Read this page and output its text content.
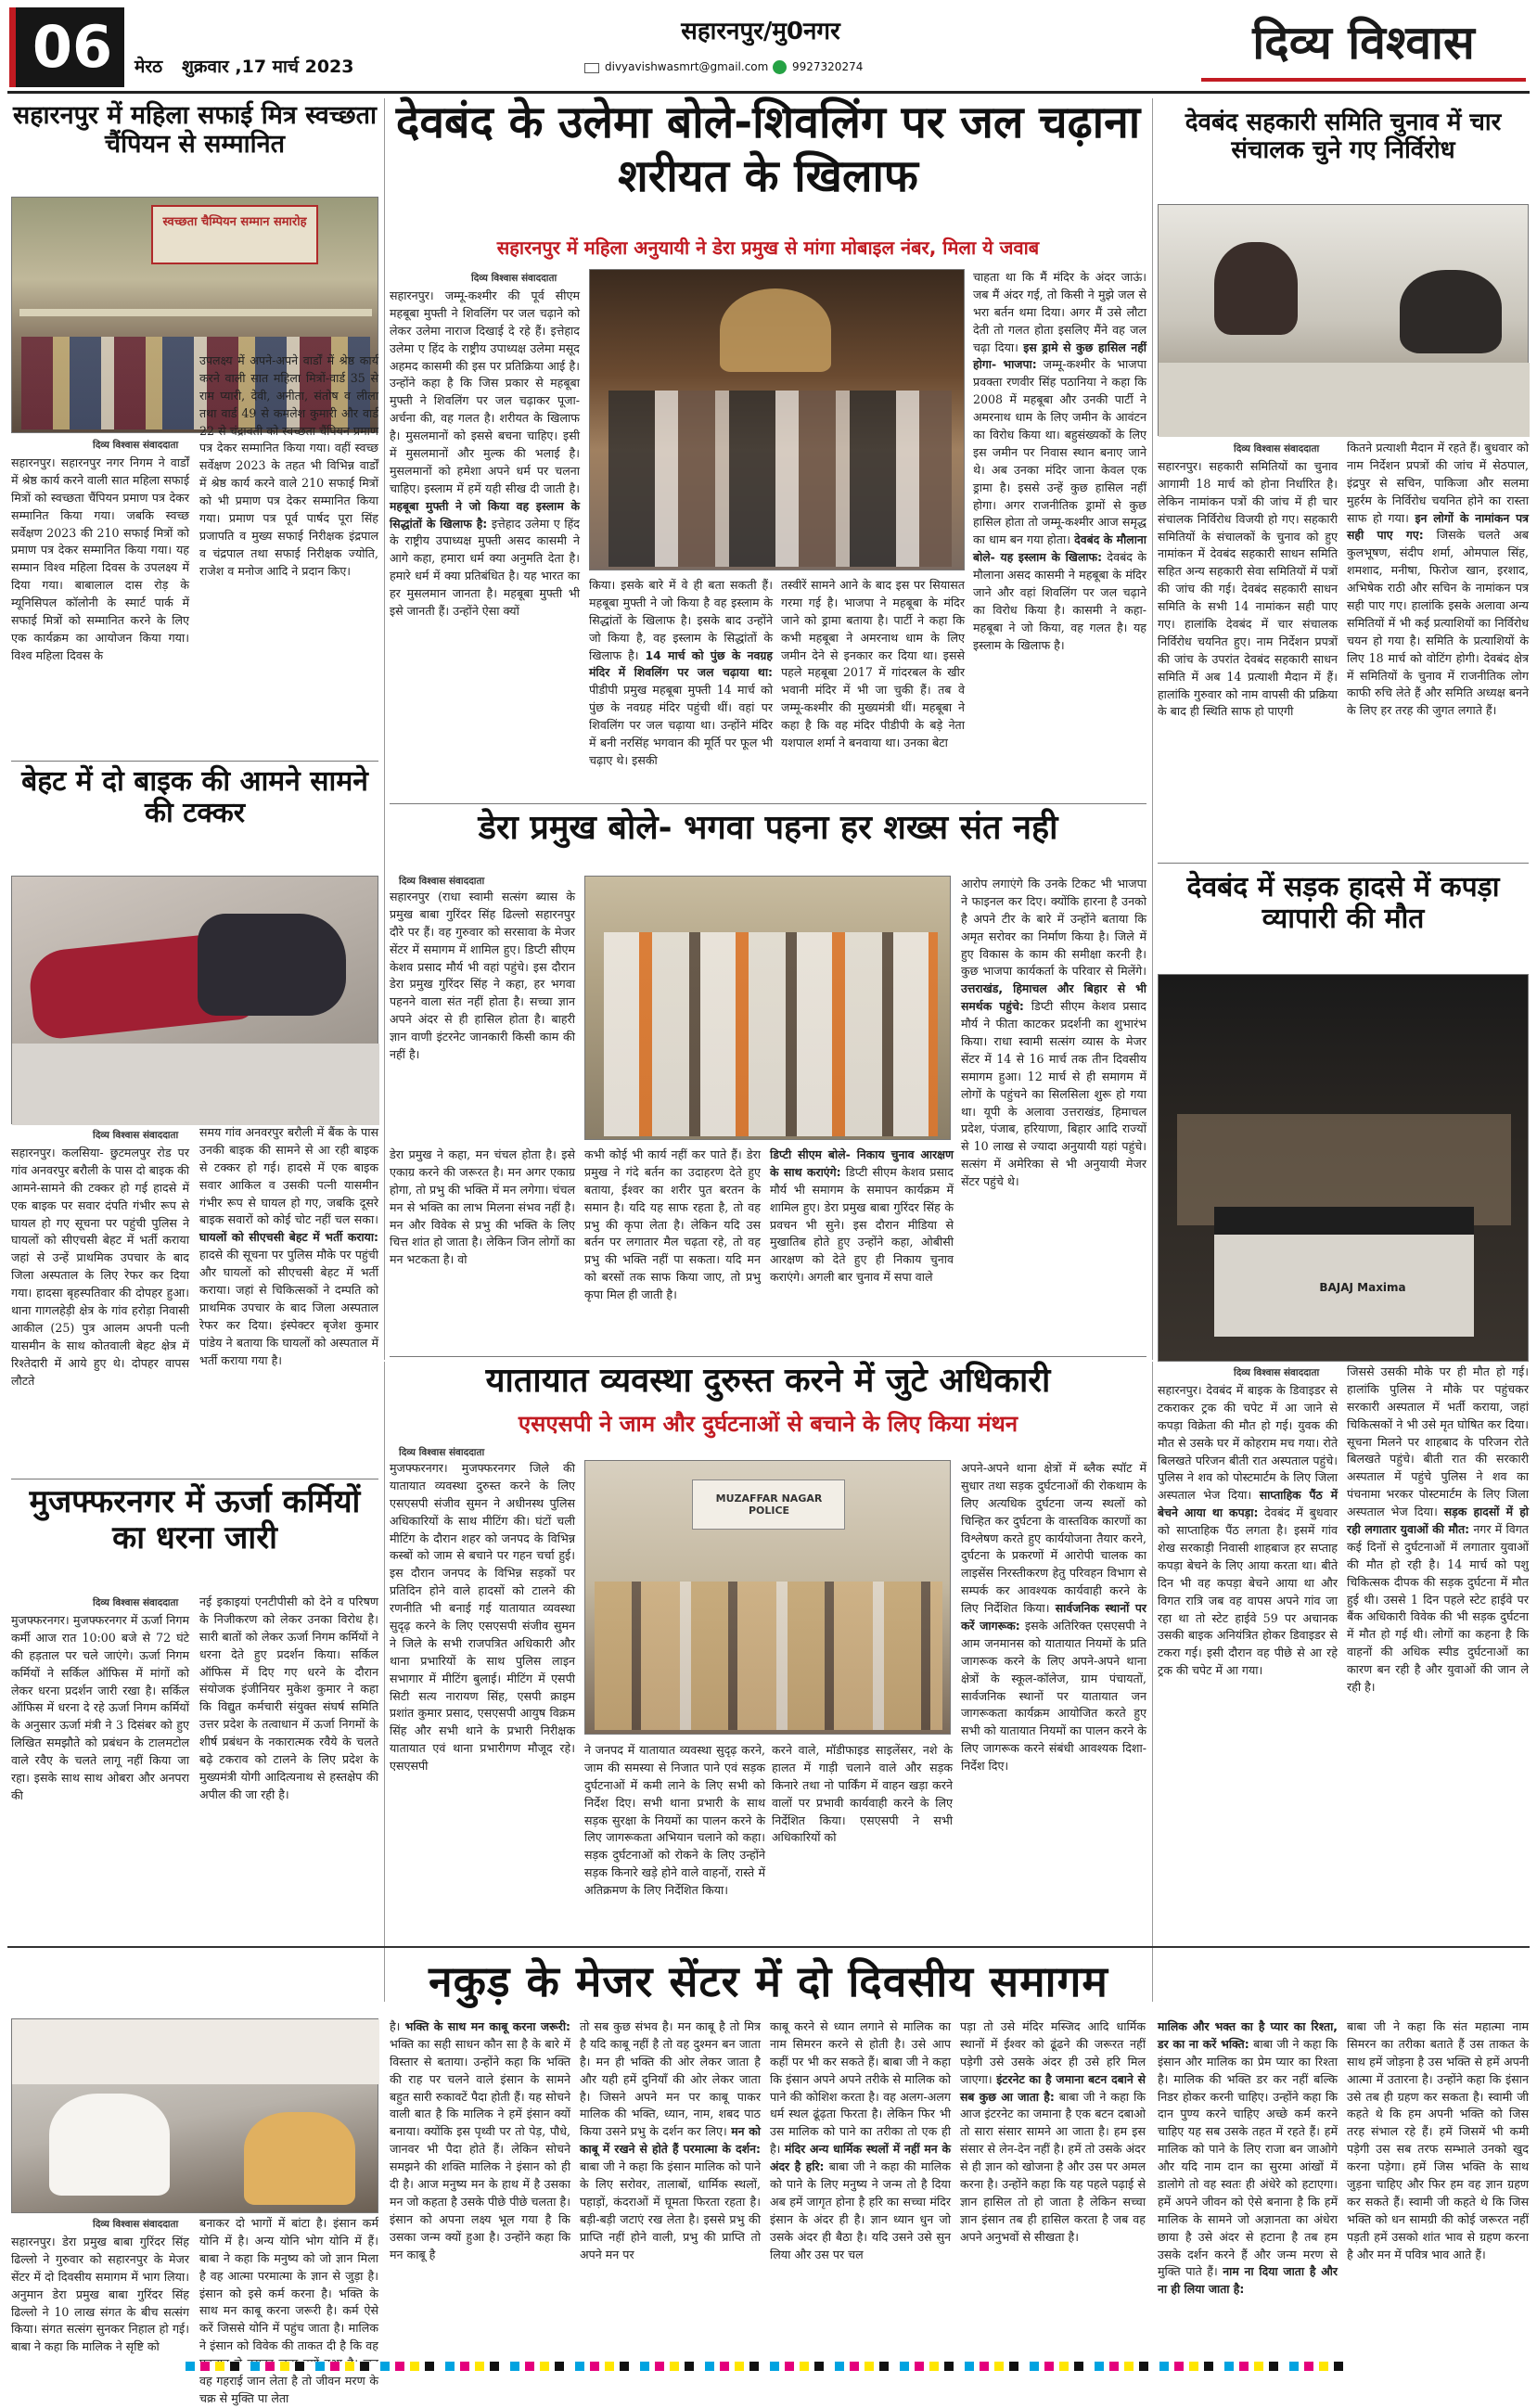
06	मेरठ शुक्रवार ,17 मार्च 2023
सहारनपुर/मु0नगर
divyavishwasmrt@gmail.com 9927320274	दिव्य विश्वास
सहारनपुर में महिला सफाई मित्र स्वच्छता चैंपियन से सम्मानित
स्वच्छता चैम्पियन सम्मान समारोह
दिव्य विश्वास संवाददाता
सहारनपुर। सहारनपुर नगर निगम ने वार्डों में श्रेष्ठ कार्य करने वाली सात महिला सफाई मित्रों को स्वच्छता चैंपियन प्रमाण पत्र देकर सम्मानित किया गया। जबकि स्वच्छ सर्वेक्षण 2023 की 210 सफाई मित्रों को प्रमाण पत्र देकर सम्मानित किया गया। यह सम्मान विश्व महिला दिवस के उपलक्ष्य में दिया गया। बाबालाल दास रोड़ के म्यूनिसिपल कॉलोनी के स्मार्ट पार्क में सफाई मित्रों को सम्मानित करने के लिए एक कार्यक्रम का आयोजन किया गया। विश्व महिला दिवस के
उपलक्ष्य में अपने-अपने वार्डों में श्रेष्ठ कार्य करने वाली सात महिला मित्रों-वार्ड 35 से राम प्यारी, देवी, अनीता, संतोष व लीला तथा वार्ड 49 से कमलेश कुमारी और वार्ड 22 से चंद्रावती को स्वच्छता चैंपियन प्रमाण पत्र देकर सम्मानित किया गया। वहीं स्वच्छ सर्वेक्षण 2023 के तहत भी विभिन्न वार्डों में श्रेष्ठ कार्य करने वाले 210 सफाई मित्रों को भी प्रमाण पत्र देकर सम्मानित किया गया। प्रमाण पत्र पूर्व पार्षद पूरा सिंह प्रजापति व मुख्य सफाई निरीक्षक इंद्रपाल व चंद्रपाल तथा सफाई निरीक्षक ज्योति, राजेश व मनोज आदि ने प्रदान किए।
बेहट में दो बाइक की आमने सामने की टक्कर
दिव्य विश्वास संवाददाता
सहारनपुर। कलसिया- छुटमलपुर रोड पर गांव अनवरपुर बरौली के पास दो बाइक की आमने-सामने की टक्कर हो गई हादसे में एक बाइक पर सवार दंपति गंभीर रूप से घायल हो गए सूचना पर पहुंची पुलिस ने घायलों को सीएचसी बेहट में भर्ती कराया जहां से उन्हें प्राथमिक उपचार के बाद जिला अस्पताल के लिए रेफर कर दिया गया। हादसा बृहस्पतिवार की दोपहर हुआ। थाना गागलहेड़ी क्षेत्र के गांव हरोड़ा निवासी आकील (25) पुत्र आलम अपनी पत्नी यासमीन के साथ कोतवाली बेहट क्षेत्र में रिश्तेदारी में आये हुए थे। दोपहर वापस लौटते
समय गांव अनवरपुर बरौली में बैंक के पास उनकी बाइक की सामने से आ रही बाइक से टक्कर हो गई। हादसे में एक बाइक सवार आकिल व उसकी पत्नी यासमीन गंभीर रूप से घायल हो गए, जबकि दूसरे बाइक सवारों को कोई चोट नहीं चल सका। घायलों को सीएचसी बेहट में भर्ती कराया: हादसे की सूचना पर पुलिस मौके पर पहुंची और घायलों को सीएचसी बेहट में भर्ती कराया। जहां से चिकित्सकों ने दम्पति को प्राथमिक उपचार के बाद जिला अस्पताल रेफर कर दिया। इंस्पेक्टर बृजेश कुमार पांडेय ने बताया कि घायलों को अस्पताल में भर्ती कराया गया है।
मुजफ्फरनगर में ऊर्जा कर्मियों का धरना जारी
दिव्य विश्वास संवाददाता
मुजफ्फरनगर। मुजफ्फरनगर में ऊर्जा निगम कर्मी आज रात 10:00 बजे से 72 घंटे की हड़ताल पर चले जाएंगे। ऊर्जा निगम कर्मियों ने सर्किल ऑफिस में मांगों को लेकर धरना प्रदर्शन जारी रखा है। सर्किल ऑफिस में धरना दे रहे ऊर्जा निगम कर्मियों के अनुसार ऊर्जा मंत्री ने 3 दिसंबर को हुए लिखित समझौते को प्रबंधन के टालमटोल वाले रवैए के चलते लागू नहीं किया जा रहा। इसके साथ साथ ओबरा और अनपरा की
नई इकाइयां एनटीपीसी को देने व परिषण के निजीकरण को लेकर उनका विरोध है। सारी बातों को लेकर ऊर्जा निगम कर्मियों ने धरना देते हुए प्रदर्शन किया। सर्किल ऑफिस में दिए गए धरने के दौरान संयोजक इंजीनियर मुकेश कुमार ने कहा कि विद्युत कर्मचारी संयुक्त संघर्ष समिति उत्तर प्रदेश के तत्वाधान में ऊर्जा निगमों के शीर्ष प्रबंधन के नकारात्मक रवैये के चलते बढ़े टकराव को टालने के लिए प्रदेश के मुख्यमंत्री योगी आदित्यनाथ से हस्तक्षेप की अपील की जा रही है।
देवबंद के उलेमा बोले-शिवलिंग पर जल चढ़ाना शरीयत के खिलाफ
सहारनपुर में महिला अनुयायी ने डेरा प्रमुख से मांगा मोबाइल नंबर, मिला ये जवाब
दिव्य विश्वास संवाददाता
सहारनपुर। जम्मू-कश्मीर की पूर्व सीएम महबूबा मुफ्ती ने शिवलिंग पर जल चढ़ाने को लेकर उलेमा नाराज दिखाई दे रहे हैं। इत्तेहाद उलेमा ए हिंद के राष्ट्रीय उपाध्यक्ष उलेमा मसूद अहमद कासमी की इस पर प्रतिक्रिया आई है। उन्होंने कहा है कि जिस प्रकार से महबूबा मुफ्ती ने शिवलिंग पर जल चढ़ाकर पूजा-अर्चना की, वह गलत है। शरीयत के खिलाफ है। मुसलमानों को इससे बचना चाहिए। इसी में मुसलमानों और मुल्क की भलाई है। मुसलमानों को हमेशा अपने धर्म पर चलना चाहिए। इस्लाम में हमें यही सीख दी जाती है। महबूबा मुफ्ती ने जो किया वह इस्लाम के सिद्धांतों के खिलाफ है: इत्तेहाद उलेमा ए हिंद के राष्ट्रीय उपाध्यक्ष मुफ्ती असद कासमी ने आगे कहा, हमारा धर्म क्या अनुमति देता है। हमारे धर्म में क्या प्रतिबंधित है। यह भारत का हर मुसलमान जानता है। महबूबा मुफ्ती भी इसे जानती हैं। उन्होंने ऐसा क्यों
किया। इसके बारे में वे ही बता सकती हैं। महबूबा मुफ्ती ने जो किया है वह इस्लाम के सिद्धांतों के खिलाफ है। इसके बाद उन्होंने जो किया है, वह इस्लाम के सिद्धांतों के खिलाफ है। 14 मार्च को पुंछ के नवग्रह मंदिर में शिवलिंग पर जल चढ़ाया था: पीडीपी प्रमुख महबूबा मुफ्ती 14 मार्च को पुंछ के नवग्रह मंदिर पहुंची थीं। वहां पर शिवलिंग पर जल चढ़ाया था। उन्होंने मंदिर में बनी नरसिंह भगवान की मूर्ति पर फूल भी चढ़ाए थे। इसकी
तस्वीरें सामने आने के बाद इस पर सियासत गरमा गई है। भाजपा ने महबूबा के मंदिर जाने को ड्रामा बताया है। पार्टी ने कहा कि कभी महबूबा ने अमरनाथ धाम के लिए जमीन देने से इनकार कर दिया था। इससे पहले महबूबा 2017 में गांदरबल के खीर भवानी मंदिर में भी जा चुकी हैं। तब वे जम्मू-कश्मीर की मुख्यमंत्री थीं। महबूबा ने कहा है कि वह मंदिर पीडीपी के बड़े नेता यशपाल शर्मा ने बनवाया था। उनका बेटा
चाहता था कि मैं मंदिर के अंदर जाऊं। जब मैं अंदर गई, तो किसी ने मुझे जल से भरा बर्तन थमा दिया। अगर मैं उसे लौटा देती तो गलत होता इसलिए मैंने वह जल चढ़ा दिया। इस ड्रामे से कुछ हासिल नहीं होगा- भाजपा: जम्मू-कश्मीर के भाजपा प्रवक्ता रणवीर सिंह पठानिया ने कहा कि 2008 में महबूबा और उनकी पार्टी ने अमरनाथ धाम के लिए जमीन के आवंटन का विरोध किया था। बहुसंख्यकों के लिए इस जमीन पर निवास स्थान बनाए जाने थे। अब उनका मंदिर जाना केवल एक ड्रामा है। इससे उन्हें कुछ हासिल नहीं होगा। अगर राजनीतिक ड्रामों से कुछ हासिल होता तो जम्मू-कश्मीर आज समृद्ध का धाम बन गया होता। देवबंद के मौलाना बोले- यह इस्लाम के खिलाफ: देवबंद के मौलाना असद कासमी ने महबूबा के मंदिर जाने और वहां शिवलिंग पर जल चढ़ाने का विरोध किया है। कासमी ने कहा- महबूबा ने जो किया, वह गलत है। यह इस्लाम के खिलाफ है।
डेरा प्रमुख बोले- भगवा पहना हर शख्स संत नही
दिव्य विश्वास संवाददाता
सहारनपुर (राधा स्वामी सत्संग ब्यास के प्रमुख बाबा गुरिंदर सिंह ढिल्लो सहारनपुर दौरे पर हैं। वह गुरुवार को सरसावा के मेजर सेंटर में समागम में शामिल हुए। डिप्टी सीएम केशव प्रसाद मौर्य भी वहां पहुंचे। इस दौरान डेरा प्रमुख गुरिंदर सिंह ने कहा, हर भगवा पहनने वाला संत नहीं होता है। सच्चा ज्ञान अपने अंदर से ही हासिल होता है। बाहरी ज्ञान वाणी इंटरनेट जानकारी किसी काम की नहीं है।
डेरा प्रमुख ने कहा, मन चंचल होता है। इसे एकाग्र करने की जरूरत है। मन अगर एकाग्र होगा, तो प्रभु की भक्ति में मन लगेगा। चंचल मन से भक्ति का लाभ मिलना संभव नहीं है। मन और विवेक से प्रभु की भक्ति के लिए चित्त शांत हो जाता है। लेकिन जिन लोगों का मन भटकता है। वो
कभी कोई भी कार्य नहीं कर पाते हैं। डेरा प्रमुख ने गंदे बर्तन का उदाहरण देते हुए बताया, ईश्वर का शरीर पुत बरतन के समान है। यदि यह साफ रहता है, तो वह प्रभु की कृपा लेता है। लेकिन यदि उस बर्तन पर लगातार मैल चढ़ता रहे, तो वह प्रभु की भक्ति नहीं पा सकता। यदि मन को बरसों तक साफ किया जाए, तो प्रभु कृपा मिल ही जाती है।
डिप्टी सीएम बोले- निकाय चुनाव आरक्षण के साथ कराएंगे: डिप्टी सीएम केशव प्रसाद मौर्य भी समागम के समापन कार्यक्रम में शामिल हुए। डेरा प्रमुख बाबा गुरिंदर सिंह के प्रवचन भी सुने। इस दौरान मीडिया से मुखातिब होते हुए उन्होंने कहा, ओबीसी आरक्षण को देते हुए ही निकाय चुनाव कराएंगे। अगली बार चुनाव में सपा वाले
आरोप लगाएंगे कि उनके टिकट भी भाजपा ने फाइनल कर दिए। क्योंकि हारना है उनको है अपने टीर के बारे में उन्होंने बताया कि अमृत सरोवर का निर्माण किया है। जिले में हुए विकास के काम की समीक्षा करनी है। कुछ भाजपा कार्यकर्ता के परिवार से मिलेंगे। उत्तराखंड, हिमाचल और बिहार से भी समर्थक पहुंचे: डिप्टी सीएम केशव प्रसाद मौर्य ने फीता काटकर प्रदर्शनी का शुभारंभ किया। राधा स्वामी सत्संग व्यास के मेजर सेंटर में 14 से 16 मार्च तक तीन दिवसीय समागम हुआ। 12 मार्च से ही समागम में लोगों के पहुंचने का सिलसिला शुरू हो गया था। यूपी के अलावा उत्तराखंड, हिमाचल प्रदेश, पंजाब, हरियाणा, बिहार आदि राज्यों से 10 लाख से ज्यादा अनुयायी यहां पहुंचे। सत्संग में अमेरिका से भी अनुयायी मेजर सेंटर पहुंचे थे।
यातायात व्यवस्था दुरुस्त करने में जुटे अधिकारी
एसएसपी ने जाम और दुर्घटनाओं से बचाने के लिए किया मंथन
दिव्य विश्वास संवाददाता
मुजफ्फरनगर। मुजफ्फरनगर जिले की यातायात व्यवस्था दुरुस्त करने के लिए एसएसपी संजीव सुमन ने अधीनस्थ पुलिस अधिकारियों के साथ मीटिंग की। घंटों चली मीटिंग के दौरान शहर को जनपद के विभिन्न कस्बों को जाम से बचाने पर गहन चर्चा हुई। इस दौरान जनपद के विभिन्न सड़कों पर प्रतिदिन होने वाले हादसों को टालने की रणनीति भी बनाई गई यातायात व्यवस्था सुदृढ़ करने के लिए एसएसपी संजीव सुमन ने जिले के सभी राजपत्रित अधिकारी और थाना प्रभारियों के साथ पुलिस लाइन सभागार में मीटिंग बुलाई। मीटिंग में एसपी सिटी सत्य नारायण सिंह, एसपी क्राइम प्रशांत कुमार प्रसाद, एसएसपी आयुष विक्रम सिंह और सभी थाने के प्रभारी निरीक्षक यातायात एवं थाना प्रभारीगण मौजूद रहे। एसएसपी
MUZAFFAR NAGAR POLICE
ने जनपद में यातायात व्यवस्था सुदृढ़ करने, जाम की समस्या से निजात पाने एवं सड़क दुर्घटनाओं में कमी लाने के लिए सभी को निर्देश दिए। सभी थाना प्रभारी के साथ सड़क सुरक्षा के नियमों का पालन करने के लिए जागरूकता अभियान चलाने को कहा। सड़क दुर्घटनाओं को रोकने के लिए उन्होंने सड़क किनारे खड़े होने वाले वाहनों, रास्ते में अतिक्रमण के लिए निर्देशित किया।
करने वाले, मॉडीफाइड साइलेंसर, नशे के हालत में गाड़ी चलाने वाले और सड़क किनारे तथा नो पार्किंग में वाहन खड़ा करने वालों पर प्रभावी कार्यवाही करने के लिए निर्देशित किया। एसएसपी ने सभी अधिकारियों को
अपने-अपने थाना क्षेत्रों में ब्लैक स्पॉट में सुधार तथा सड़क दुर्घटनाओं की रोकथाम के लिए अत्यधिक दुर्घटना जन्य स्थलों को चिन्हित कर दुर्घटना के वास्तविक कारणों का विश्लेषण करते हुए कार्ययोजना तैयार करने, दुर्घटना के प्रकरणों में आरोपी चालक का लाइसेंस निरस्तीकरण हेतु परिवहन विभाग से सम्पर्क कर आवश्यक कार्यवाही करने के लिए निर्देशित किया। सार्वजनिक स्थानों पर करें जागरूक: इसके अतिरिक्त एसएसपी ने आम जनमानस को यातायात नियमों के प्रति जागरूक करने के लिए अपने-अपने थाना क्षेत्रों के स्कूल-कॉलेज, ग्राम पंचायतों, सार्वजनिक स्थानों पर यातायात जन जागरूकता कार्यक्रम आयोजित करते हुए सभी को यातायात नियमों का पालन करने के लिए जागरूक करने संबंधी आवश्यक दिशा-निर्देश दिए।
देवबंद सहकारी समिति चुनाव में चार संचालक चुने गए निर्विरोध
दिव्य विश्वास संवाददाता
सहारनपुर। सहकारी समितियों का चुनाव आगामी 18 मार्च को होना निर्धारित है। लेकिन नामांकन पत्रों की जांच में ही चार संचालक निर्विरोध विजयी हो गए। सहकारी समितियों के संचालकों के चुनाव को हुए नामांकन में देवबंद सहकारी साधन समिति सहित अन्य सहकारी सेवा समितियों में पत्रों की जांच की गई। देवबंद सहकारी साधन समिति के सभी 14 नामांकन सही पाए गए। हालांकि देवबंद में चार संचालक निर्विरोध चयनित हुए। नाम निर्देशन प्रपत्रों की जांच के उपरांत देवबंद सहकारी साधन समिति में अब 14 प्रत्याशी मैदान में हैं। हालांकि गुरुवार को नाम वापसी की प्रक्रिया के बाद ही स्थिति साफ हो पाएगी
कितने प्रत्याशी मैदान में रहते हैं। बुधवार को नाम निर्देशन प्रपत्रों की जांच में सेठपाल, इंद्रपुर से सचिन, पाकिजा और सलमा मुहर्रम के निर्विरोध चयनित होने का रास्ता साफ हो गया। इन लोगों के नामांकन पत्र सही पाए गए: जिसके चलते अब कुलभूषण, संदीप शर्मा, ओमपाल सिंह, शमशाद, मनीषा, फिरोज खान, इरशाद, अभिषेक राठी और सचिन के नामांकन पत्र सही पाए गए। हालांकि इसके अलावा अन्य समितियों में भी कई प्रत्याशियों का निर्विरोध चयन हो गया है। समिति के प्रत्याशियों के लिए 18 मार्च को वोटिंग होगी। देवबंद क्षेत्र में समितियों के चुनाव में राजनीतिक लोग काफी रुचि लेते हैं और समिति अध्यक्ष बनने के लिए हर तरह की जुगत लगाते हैं।
देवबंद में सड़क हादसे में कपड़ा व्यापारी की मौत
BAJAJ Maxima
दिव्य विश्वास संवाददाता
सहारनपुर। देवबंद में बाइक के डिवाइडर से टकराकर ट्रक की चपेट में आ जाने से कपड़ा विक्रेता की मौत हो गई। युवक की मौत से उसके घर में कोहराम मच गया। रोते बिलखते परिजन बीती रात अस्पताल पहुंचे। पुलिस ने शव को पोस्टमार्टम के लिए जिला अस्पताल भेज दिया। साप्ताहिक पैंठ में बेचने आया था कपड़ा: देवबंद में बुधवार को साप्ताहिक पैंठ लगता है। इसमें गांव शेख सरकाड़ी निवासी शाहबाज हर सप्ताह कपड़ा बेचने के लिए आया करता था। बीते दिन भी वह कपड़ा बेचने आया था और विगत रात्रि जब वह वापस अपने गांव जा रहा था तो स्टेट हाईवे 59 पर अचानक उसकी बाइक अनियंत्रित होकर डिवाइडर से टकरा गई। इसी दौरान वह पीछे से आ रहे ट्रक की चपेट में आ गया।
जिससे उसकी मौके पर ही मौत हो गई। हालांकि पुलिस ने मौके पर पहुंचकर सरकारी अस्पताल में भर्ती कराया, जहां चिकित्सकों ने भी उसे मृत घोषित कर दिया। सूचना मिलने पर शाहबाद के परिजन रोते बिलखते पहुंचे। बीती रात की सरकारी अस्पताल में पहुंचे पुलिस ने शव का पंचनामा भरकर पोस्टमार्टम के लिए जिला अस्पताल भेज दिया। सड़क हादसों में हो रही लगातार युवाओं की मौत: नगर में विगत कई दिनों से दुर्घटनाओं में लगातार युवाओं की मौत हो रही है। 14 मार्च को पशु चिकित्सक दीपक की सड़क दुर्घटना में मौत हुई थी। उससे 1 दिन पहले स्टेट हाईवे पर बैंक अधिकारी विवेक की भी सड़क दुर्घटना में मौत हो गई थी। लोगों का कहना है कि वाहनों की अधिक स्पीड दुर्घटनाओं का कारण बन रही है और युवाओं की जान ले रही है।
नकुड़ के मेजर सेंटर में दो दिवसीय समागम
दिव्य विश्वास संवाददाता
सहारनपुर। डेरा प्रमुख बाबा गुरिंदर सिंह ढिल्लो ने गुरुवार को सहारनपुर के मेजर सेंटर में दो दिवसीय समागम में भाग लिया। अनुमान डेरा प्रमुख बाबा गुरिंदर सिंह ढिल्लो ने 10 लाख संगत के बीच सत्संग किया। संगत सत्संग सुनकर निहाल हो गई। बाबा ने कहा कि मालिक ने सृष्टि को
बनाकर दो भागों में बांटा है। इंसान कर्म योनि में है। अन्य योनि भोग योनि में हैं। बाबा ने कहा कि मनुष्य को जो ज्ञान मिला है वह आत्मा परमात्मा के ज्ञान से जुड़ा है। इंसान को इसे कर्म करना है। भक्ति के साथ मन काबू करना जरूरी है। कर्म ऐसे करें जिससे योनि में पहुंच जाता है। मालिक ने इंसान को विवेक की ताकत दी है कि वह वह गहराई जान लेता है तो जीवन मरण के चक्र से मुक्ति पा लेता
है। भक्ति के साथ मन काबू करना जरूरी: भक्ति का सही साधन कौन सा है के बारे में विस्तार से बताया। उन्होंने कहा कि भक्ति की राह पर चलने वाले इंसान के सामने बहुत सारी रुकावटें पैदा होती हैं। यह सोचने वाली बात है कि मालिक ने हमें इंसान क्यों बनाया। क्योंकि इस पृथ्वी पर तो पेड़, पौधे, जानवर भी पैदा होते हैं। लेकिन सोचने समझने की शक्ति मालिक ने इंसान को ही दी है। आज मनुष्य मन के हाथ में है उसका मन जो कहता है उसके पीछे पीछे चलता है। इंसान को अपना लक्ष्य भूल गया है कि उसका जन्म क्यों हुआ है। उन्होंने कहा कि मन काबू है
तो सब कुछ संभव है। मन काबू है तो मित्र है यदि काबू नहीं है तो वह दुश्मन बन जाता है। मन ही भक्ति की ओर लेकर जाता है और यही हमें दुनियाँ की ओर लेकर जाता है। जिसने अपने मन पर काबू पाकर मालिक की भक्ति, ध्यान, नाम, शबद पाठ किया उसने प्रभु के दर्शन कर लिए। मन को काबू में रखने से होते हैं परमात्मा के दर्शन: बाबा जी ने कहा कि इंसान मालिक को पाने के लिए सरोवर, तालाबों, धार्मिक स्थलों, पहाड़ों, कंदराओं में घूमता फिरता रहता है। बड़ी-बड़ी जटाएं रख लेता है। इससे प्रभु की प्राप्ति नहीं होने वाली, प्रभु की प्राप्ति तो अपने मन पर
काबू करने से ध्यान लगाने से मालिक का नाम सिमरन करने से होती है। उसे आप कहीं पर भी कर सकते हैं। बाबा जी ने कहा कि इंसान अपने अपने तरीके से मालिक को पाने की कोशिश करता है। वह अलग-अलग धर्म स्थल ढूंढ़ता फिरता है। लेकिन फिर भी उस मालिक को पाने का तरीका तो एक ही है। मंदिर अन्य धार्मिक स्थलों में नहीं मन के अंदर है हरि: बाबा जी ने कहा की मालिक को पाने के लिए मनुष्य ने जन्म तो है दिया अब हमें जागृत होना है हरि का सच्चा मंदिर इंसान के अंदर ही है। ज्ञान ध्यान धुन जो उसके अंदर ही बैठा है। यदि उसने उसे सुन लिया और उस पर चल
पड़ा तो उसे मंदिर मस्जिद आदि धार्मिक स्थानों में ईश्वर को ढूंढने की जरूरत नहीं पड़ेगी उसे उसके अंदर ही उसे हरि मिल जाएगा। इंटरनेट का है जमाना बटन दबाने से सब कुछ आ जाता है: बाबा जी ने कहा कि आज इंटरनेट का जमाना है एक बटन दबाओ तो सारा संसार सामने आ जाता है। हम इस संसार से लेन-देन नहीं है। हमें तो उसके अंदर से ही ज्ञान को खोजना है और उस पर अमल करना है। उन्होंने कहा कि यह पहले पढ़ाई से ज्ञान हासिल तो हो जाता है लेकिन सच्चा ज्ञान इंसान तब ही हासिल करता है जब वह अपने अनुभवों से सीखता है।
मालिक और भक्त का है प्यार का रिश्ता, डर का ना करें भक्ति: बाबा जी ने कहा कि इंसान और मालिक का प्रेम प्यार का रिश्ता है। मालिक की भक्ति डर कर नहीं बल्कि निडर होकर करनी चाहिए। उन्होंने कहा कि दान पुण्य करने चाहिए अच्छे कर्म करने चाहिए यह सब उसके तहत में रहते हैं। हमें मालिक को पाने के लिए राजा बन जाओगे और यदि नाम दान का सुरमा आंखों में डालोगे तो वह स्वतः ही अंधेरे को हटाएगा। हमें अपने जीवन को ऐसे बनाना है कि हमें मालिक के सामने जो अज्ञानता का अंधेरा छाया है उसे अंदर से हटाना है तब हम उसके दर्शन करने हैं और जन्म मरण से मुक्ति पाते हैं। नाम ना दिया जाता है और ना ही लिया जाता है:
बाबा जी ने कहा कि संत महात्मा नाम सिमरन का तरीका बताते हैं उस ताकत के साथ हमें जोड़ना है उस भक्ति से हमें अपनी आत्मा में उतारना है। उन्होंने कहा कि इंसान उसे तब ही ग्रहण कर सकता है। स्वामी जी कहते थे कि हम अपनी भक्ति को जिस तरह संभाल रहे हैं। हमें जिसमें भी कमी पड़ेगी उस सब तरफ सम्भाले उनको खुद करना पड़ेगा। हमें जिस भक्ति के साथ जुड़ना चाहिए और फिर हम वह ज्ञान ग्रहण कर सकते हैं। स्वामी जी कहते थे कि जिस भक्ति को धन सामग्री की कोई जरूरत नहीं पड़ती हमें उसको शांत भाव से ग्रहण करना है और मन में पवित्र भाव आते हैं।
